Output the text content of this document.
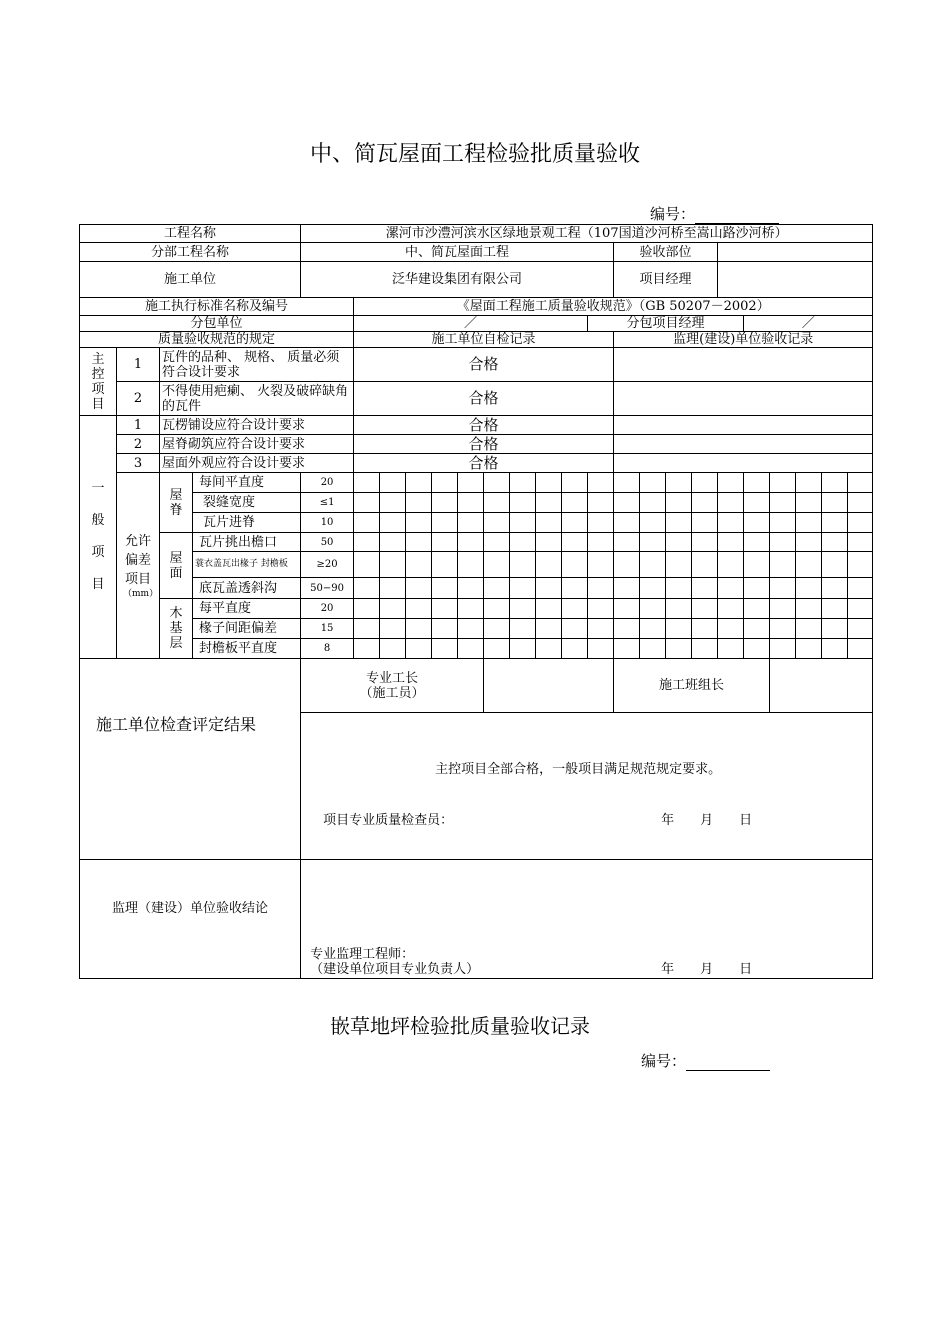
中、简瓦屋面工程检验批质量验收
编号：
工程名称				漯河市沙澧河滨水区绿地景观工程（107国道沙河桥至嵩山路沙河桥）																				
分部工程名称				中、简瓦屋面工程											验收部位									
施工单位				泛华建设集团有限公司											项目经理									
施工执行标准名称及编号					《屋面工程施工质量验收规范》（GB 50207－2002）																			
分包单位					／									分包项目经理						／				
质量验收规范的规定					施工单位自检记录										监理(建设)单位验收记录									
主控项目	1	瓦件的品种、 规格、 质量必须符合设计要求			合格																			
	2	不得使用疤瘌、 火裂及破碎缺角的瓦件			合格																			

一般项目	1	瓦楞铺设应符合设计要求			合格																			
	2	屋脊砌筑应符合设计要求			合格																			
	3	屋面外观应符合设计要求			合格																			

	允许偏差项目
（mm）	屋脊	每间平直度	20																				
			裂缝宽度	≤1																				
			瓦片进脊	10																				
		屋面	瓦片挑出檐口	50																				
			蓑衣盖瓦出椽子 封檐板	≥20																				
			底瓦盖透斜沟	50−90																				
		木基层	每平直度	20																				
			椽子间距偏差	15																				
			封檐板平直度	8																				
施工单位检查评定结果				专业工长
（施工员）											施工班组长									

				主控项目全部合格，一般项目满足规范规定要求。
项目专业质量检查员： 年　　月　　日																				

监理（建设）单位验收结论				专业监理工程师：
（建设单位项目专业负责人） 年　　月　　日																				
嵌草地坪检验批质量验收记录
编号：
